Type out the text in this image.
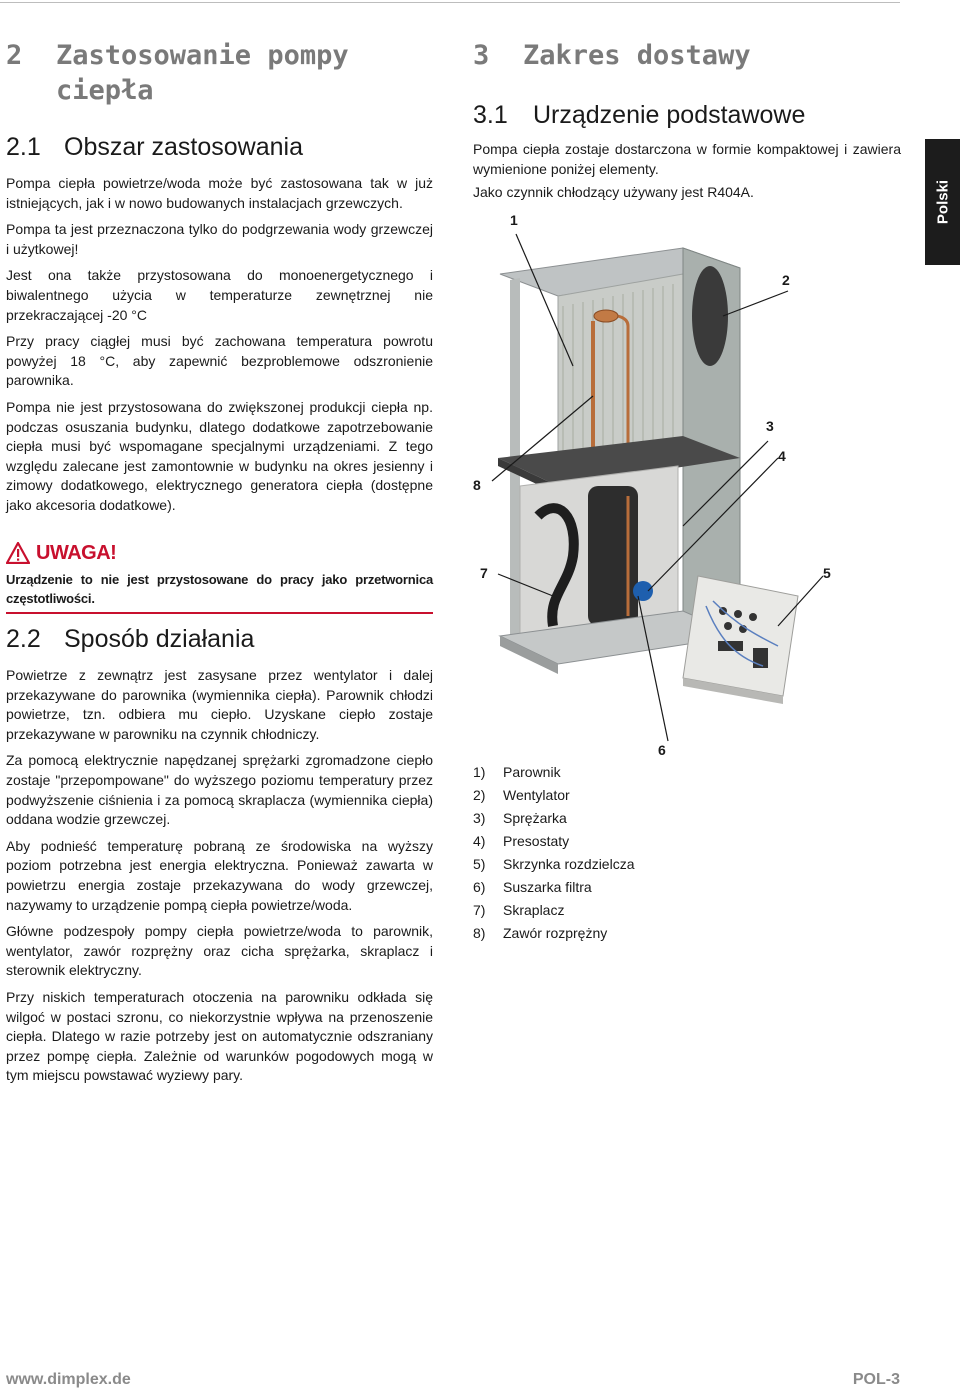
2 Zastosowanie pompy
ciepła
2.1 Obszar zastosowania

Pompa ciepła powietrze/woda może być zastosowana tak w już istniejących, jak i w nowo budowanych instalacjach grzewczych.

Pompa ta jest przeznaczona tylko do podgrzewania wody grzewczej i użytkowej!

Jest ona także przystosowana do monoenergetycznego i biwalentnego użycia w temperaturze zewnętrznej nie przekraczającej -20 °C

Przy pracy ciągłej musi być zachowana temperatura powrotu powyżej 18 °C, aby zapewnić bezproblemowe odszronienie parownika.

Pompa nie jest przystosowana do zwiększonej produkcji ciepła np. podczas osuszania budynku, dlatego dodatkowe zapotrzebowanie ciepła musi być wspomagane specjalnymi urządzeniami. Z tego względu zalecane jest zamontownie w budynku na okres jesienny i zimowy dodatkowego, elektrycznego generatora ciepła (dostępne jako akcesoria dodatkowe).

UWAGA!
Urządzenie to nie jest przystosowane do pracy jako przetwornica częstotliwości.
2.2 Sposób działania

Powietrze z zewnątrz jest zasysane przez wentylator i dalej przekazywane do parownika (wymiennika ciepła). Parownik chłodzi powietrze, tzn. odbiera mu ciepło. Uzyskane ciepło zostaje przekazywane w parowniku na czynnik chłodniczy.

Za pomocą elektrycznie napędzanej sprężarki zgromadzone ciepło zostaje "przepompowane" do wyższego poziomu temperatury przez podwyższenie ciśnienia i za pomocą skraplacza (wymiennika ciepła) oddana wodzie grzewczej.

Aby podnieść temperaturę pobraną ze środowiska na wyższy poziom potrzebna jest energia elektryczna. Ponieważ zawarta w powietrzu energia zostaje przekazywana do wody grzewczej, nazywamy to urządzenie pompą ciepła powietrze/woda.

Główne podzespoły pompy ciepła powietrze/woda to parownik, wentylator, zawór rozprężny oraz cicha sprężarka, skraplacz i sterownik elektryczny.

Przy niskich temperaturach otoczenia na parowniku odkłada się wilgoć w postaci szronu, co niekorzystnie wpływa na przenoszenie ciepła. Dlatego w razie potrzeby jest on automatycznie odszraniany przez pompę ciepła. Zależnie od warunków pogodowych mogą w tym miejscu powstawać wyziewy pary.

3 Zakres dostawy
3.1 Urządzenie podstawowe

Pompa ciepła zostaje dostarczona w formie kompaktowej i zawiera wymienione poniżej elementy.

Jako czynnik chłodzący używany jest R404A.	Polski
1
2
3
4
5
6
7
8
1)	Parownik
2)	Wentylator
3)	Sprężarka
4)	Presostaty
5)	Skrzynka rozdzielcza
6)	Suszarka filtra
7)	Skraplacz
8)	Zawór rozprężny
www.dimplex.de	POL-3
